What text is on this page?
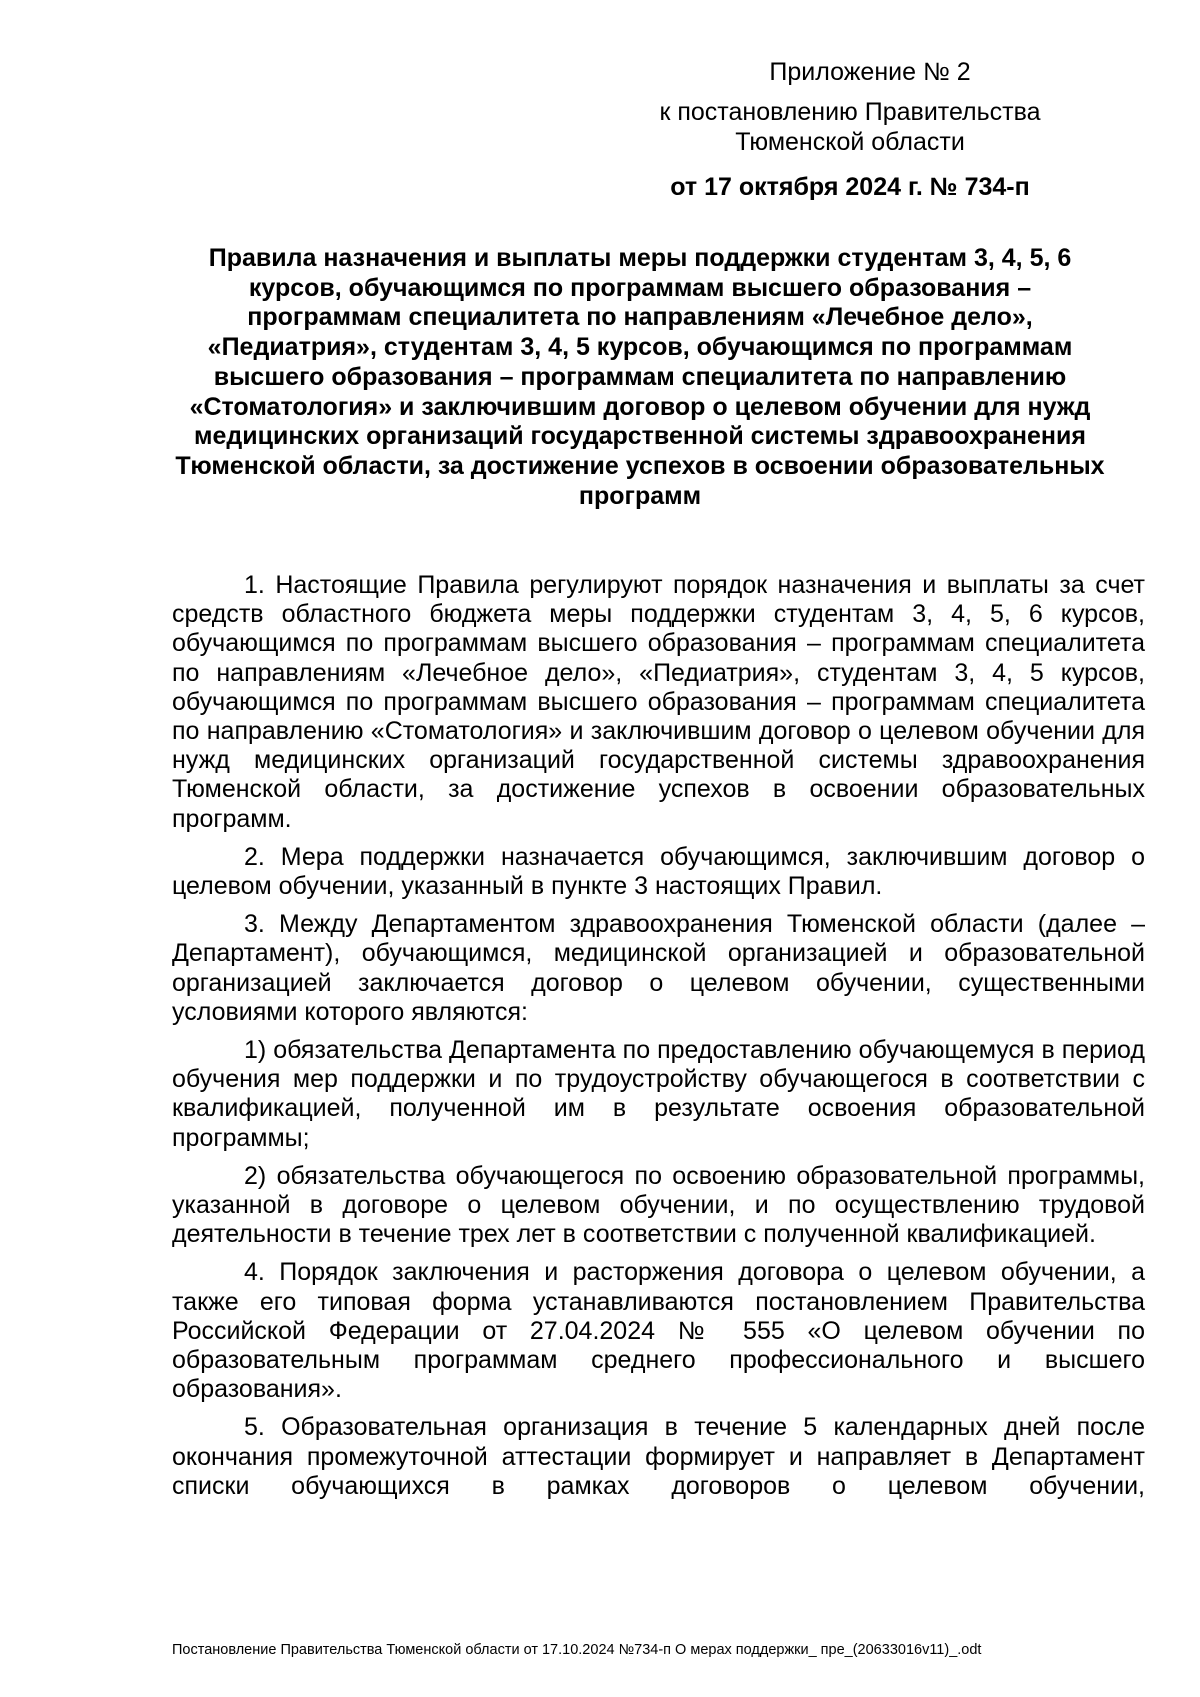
Приложение № 2
к постановлению Правительства
Тюменской области
от 17 октября 2024 г. № 734-п
Правила назначения и выплаты меры поддержки студентам 3, 4, 5, 6 курсов, обучающимся по программам высшего образования – программам специалитета по направлениям «Лечебное дело», «Педиатрия», студентам 3, 4, 5 курсов, обучающимся по программам высшего образования – программам специалитета по направлению «Стоматология» и заключившим договор о целевом обучении для нужд медицинских организаций государственной системы здравоохранения Тюменской области, за достижение успехов в освоении образовательных программ

1. Настоящие Правила регулируют порядок назначения и выплаты за счет средств областного бюджета меры поддержки студентам 3, 4, 5, 6 курсов, обучающимся по программам высшего образования – программам специалитета по направлениям «Лечебное дело», «Педиатрия», студентам 3, 4, 5 курсов, обучающимся по программам высшего образования – программам специалитета по направлению «Стоматология» и заключившим договор о целевом обучении для нужд медицинских организаций государственной системы здравоохранения Тюменской области, за достижение успехов в освоении образовательных программ.

2. Мера поддержки назначается обучающимся, заключившим договор о целевом обучении, указанный в пункте 3 настоящих Правил.

3. Между Департаментом здравоохранения Тюменской области (далее – Департамент), обучающимся, медицинской организацией и образовательной организацией заключается договор о целевом обучении, существенными условиями которого являются:

1) обязательства Департамента по предоставлению обучающемуся в период обучения мер поддержки и по трудоустройству обучающегося в соответствии с квалификацией, полученной им в результате освоения образовательной программы;

2) обязательства обучающегося по освоению образовательной программы, указанной в договоре о целевом обучении, и по осуществлению трудовой деятельности в течение трех лет в соответствии с полученной квалификацией.

4. Порядок заключения и расторжения договора о целевом обучении, а также его типовая форма устанавливаются постановлением Правительства Российской Федерации от 27.04.2024 № 555 «О целевом обучении по образовательным программам среднего профессионального и высшего образования».

5. Образовательная организация в течение 5 календарных дней после окончания промежуточной аттестации формирует и направляет в Департамент списки обучающихся в рамках договоров о целевом обучении,

Постановление Правительства Тюменской области от 17.10.2024 №734-п О мерах поддержки_ пре_(20633016v11)_.odt
